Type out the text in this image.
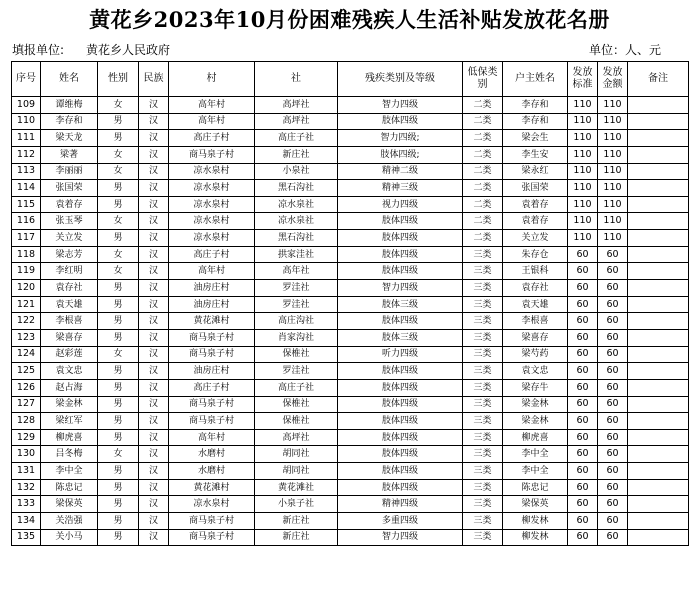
黄花乡2023年10月份困难残疾人生活补贴发放花名册
填报单位: 黄花乡人民政府	单位：人、元
序号	姓名	性别	民族	村	社	残疾类别及等级	低保类别	户主姓名	发放标准	发放金额	备注
109	谭维梅	女	汉	高年村	高坪社	智力四级	二类	李存和	110	110	
110	李存和	男	汉	高年村	高坪社	肢体四级	二类	李存和	110	110	
111	梁天龙	男	汉	高庄子村	高庄子社	智力四级;	二类	梁会生	110	110	
112	梁著	女	汉	商马泉子村	新庄社	肢体四级;	二类	李生安	110	110	
113	李丽丽	女	汉	凉水泉村	小泉社	精神二级	二类	梁永红	110	110	
114	张国荣	男	汉	凉水泉村	黑石沟社	精神三级	二类	张国荣	110	110	
115	袁着存	男	汉	凉水泉村	凉水泉社	视力四级	二类	袁着存	110	110	
116	张玉琴	女	汉	凉水泉村	凉水泉社	肢体四级	二类	袁着存	110	110	
117	关立发	男	汉	凉水泉村	黑石沟社	肢体四级	二类	关立发	110	110	
118	梁志芳	女	汉	高庄子村	拱家洼社	肢体四级	三类	朱存仓	60	60	
119	李红明	女	汉	高年村	高年社	肢体四级	三类	王银科	60	60	
120	袁存社	男	汉	油房庄村	罗洼社	智力四级	三类	袁存社	60	60	
121	袁天雄	男	汉	油房庄村	罗洼社	肢体三级	三类	袁天雄	60	60	
122	李根喜	男	汉	黄花滩村	高庄沟社	肢体四级	三类	李根喜	60	60	
123	梁喜存	男	汉	商马泉子村	肖家沟社	肢体三级	三类	梁喜存	60	60	
124	赵彩莲	女	汉	商马泉子村	保椎社	听力四级	三类	梁芍药	60	60	
125	袁文忠	男	汉	油房庄村	罗洼社	肢体四级	三类	袁文忠	60	60	
126	赵占海	男	汉	高庄子村	高庄子社	肢体四级	三类	梁存牛	60	60	
127	梁金林	男	汉	商马泉子村	保椎社	肢体四级	三类	梁金林	60	60	
128	梁红军	男	汉	商马泉子村	保椎社	肢体四级	三类	梁金林	60	60	
129	柳虎喜	男	汉	高年村	高坪社	肢体四级	三类	柳虎喜	60	60	
130	吕冬梅	女	汉	水磨村	胡同社	肢体四级	三类	李中全	60	60	
131	李中全	男	汉	水磨村	胡同社	肢体四级	三类	李中全	60	60	
132	陈忠记	男	汉	黄花滩村	黄花滩社	肢体四级	三类	陈忠记	60	60	
133	梁保英	男	汉	凉水泉村	小泉子社	精神四级	三类	梁保英	60	60	
134	关浩强	男	汉	商马泉子村	新庄社	多重四级	三类	柳发林	60	60	
135	关小马	男	汉	商马泉子村	新庄社	智力四级	三类	柳发林	60	60	
